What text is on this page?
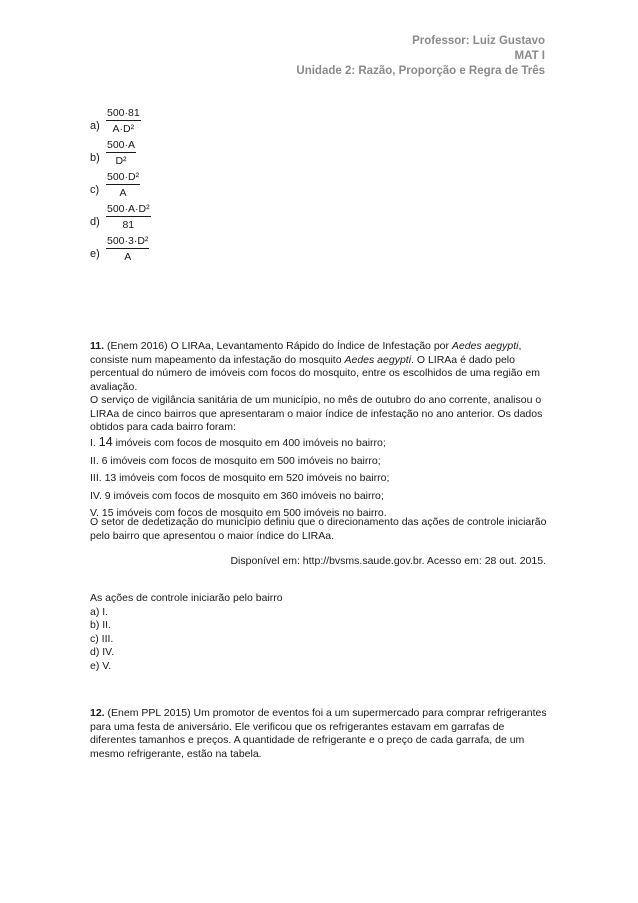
Professor: Luiz Gustavo
MAT I
Unidade 2: Razão, Proporção e Regra de Três
$a) \frac{500\cdot 81}{\text{A·D²}}$
$b) \frac{500\cdot A}{\text{D²}}$
$c) \frac{\text{500·D²}}{A}$
$d) \frac{\text{500·A·D²}}{81}$
$e) \frac{\text{500·3·D²}}{A}$

11. (Enem 2016) O LIRAa, Levantamento Rápido do Índice de Infestação por Aedes aegypti, consiste num mapeamento da infestação do mosquito Aedes aegypti. O LIRAa é dado pelo percentual do número de imóveis com focos do mosquito, entre os escolhidos de uma região em avaliação.

O serviço de vigilância sanitária de um município, no mês de outubro do ano corrente, analisou o LIRAa de cinco bairros que apresentaram o maior índice de infestação no ano anterior. Os dados obtidos para cada bairro foram:

I. 14 imóveis com focos de mosquito em 400 imóveis no bairro;

II. 6 imóveis com focos de mosquito em 500 imóveis no bairro;

III. 13 imóveis com focos de mosquito em 520 imóveis no bairro;

IV. 9 imóveis com focos de mosquito em 360 imóveis no bairro;

V. 15 imóveis com focos de mosquito em 500 imóveis no bairro.

O setor de dedetização do município definiu que o direcionamento das ações de controle iniciarão pelo bairro que apresentou o maior índice do LIRAa.

Disponível em: http://bvsms.saude.gov.br. Acesso em: 28 out. 2015.

As ações de controle iniciarão pelo bairro

a) I.

b) II.

c) III.

d) IV.

e) V.

12. (Enem PPL 2015) Um promotor de eventos foi a um supermercado para comprar refrigerantes para uma festa de aniversário. Ele verificou que os refrigerantes estavam em garrafas de diferentes tamanhos e preços. A quantidade de refrigerante e o preço de cada garrafa, de um mesmo refrigerante, estão na tabela.
